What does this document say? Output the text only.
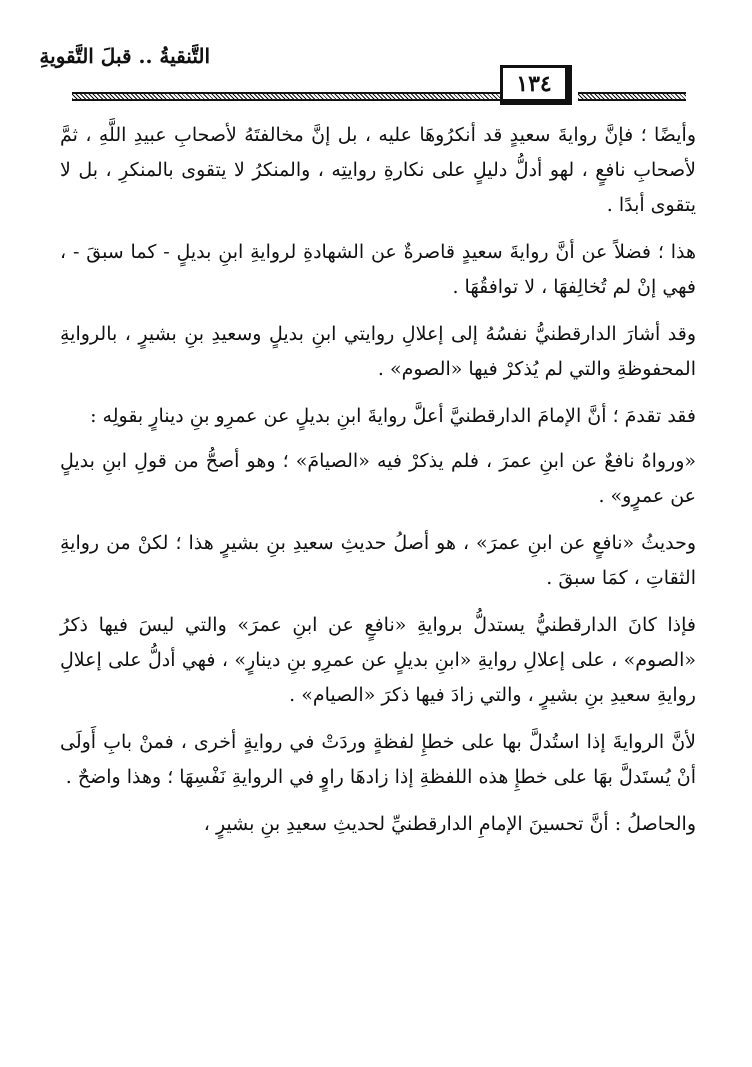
التَّنقيةُ .. قبلَ التَّقويةِ
١٣٤

وأيضًا ؛ فإنَّ روايةَ سعيدٍ قد أنكرُوهَا عليه ، بل إنَّ مخالفتَهُ لأصحابِ عبيدِ اللَّهِ ، ثمَّ لأصحابِ نافعٍ ، لهو أدلُّ دليلٍ على نكارةِ روايتِه ، والمنكرُ لا يتقوى بالمنكرِ ، بل لا يتقوى أبدًا .

هذا ؛ فضلاً عن أنَّ روايةَ سعيدٍ قاصرةٌ عن الشهادةِ لروايةِ ابنِ بديلٍ - كما سبقَ - ، فهي إنْ لم تُخالِفهَا ، لا توافقُهَا .

وقد أشارَ الدارقطنيُّ نفسُهُ إلى إعلالِ روايتي ابنِ بديلٍ وسعيدِ بنِ بشيرٍ ، بالروايةِ المحفوظةِ والتي لم يُذكرْ فيها «الصوم» .

فقد تقدمَ ؛ أنَّ الإمامَ الدارقطنيَّ أعلَّ روايةَ ابنِ بديلٍ عن عمرِو بنِ دينارٍ بقولِه :

«ورواهُ نافعٌ عن ابنِ عمرَ ، فلم يذكرْ فيه «الصيامَ» ؛ وهو أصحُّ من قولِ ابنِ بديلٍ عن عمرٍو» .

وحديثُ «نافعٍ عن ابنِ عمرَ» ، هو أصلُ حديثِ سعيدِ بنِ بشيرٍ هذا ؛ لكنْ من روايةِ الثقاتِ ، كمَا سبقَ .

فإذا كانَ الدارقطنيُّ يستدلُّ بروايةِ «نافعٍ عن ابنِ عمرَ» والتي ليسَ فيها ذكرُ «الصوم» ، على إعلالِ روايةِ «ابنِ بديلٍ عن عمرِو بنِ دينارٍ» ، فهي أدلُّ على إعلالِ روايةِ سعيدِ بنِ بشيرٍ ، والتي زادَ فيها ذكرَ «الصيام» .

لأنَّ الروايةَ إذا استُدلَّ بها على خطإِ لفظةٍ وردَتْ في روايةٍ أخرى ، فمنْ بابِ أَولَى أنْ يُستَدلَّ بهَا على خطإِ هذه اللفظةِ إذا زادهَا راوٍ في الروايةِ نَفْسِهَا ؛ وهذا واضحٌ .

والحاصلُ : أنَّ تحسينَ الإمامِ الدارقطنيِّ لحديثِ سعيدِ بنِ بشيرٍ ،
